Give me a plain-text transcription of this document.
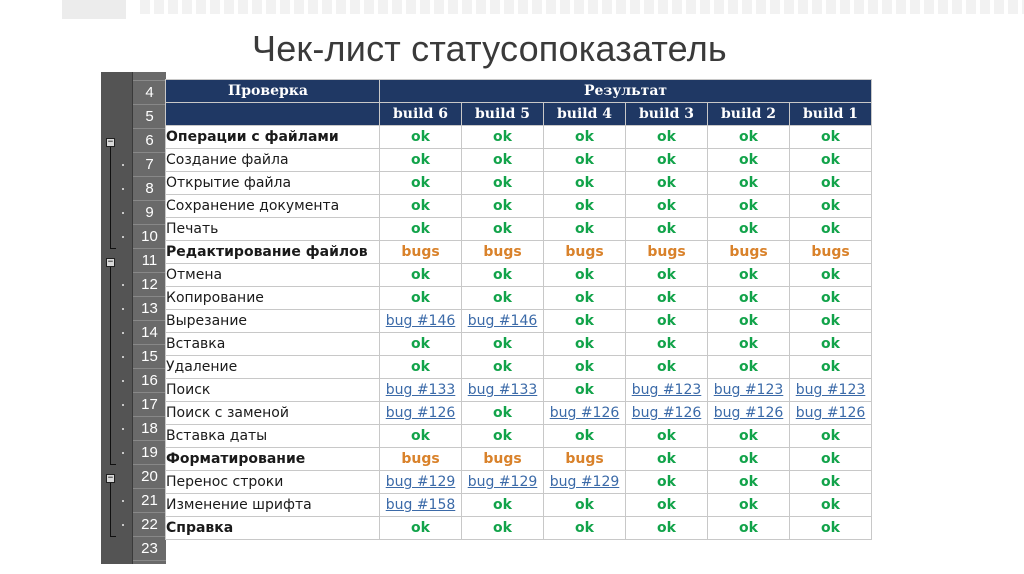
Чек-лист статусопоказатель
−
−
−
4
5
6
7
8
9
10
11
12
13
14
15
16
17
18
19
20
21
22
23
Проверка	Результат					
	build 6	build 5	build 4	build 3	build 2	build 1
Операции с файлами	ok	ok	ok	ok	ok	ok
Создание файла	ok	ok	ok	ok	ok	ok
Открытие файла	ok	ok	ok	ok	ok	ok
Сохранение документа	ok	ok	ok	ok	ok	ok
Печать	ok	ok	ok	ok	ok	ok
Редактирование файлов	bugs	bugs	bugs	bugs	bugs	bugs
Отмена	ok	ok	ok	ok	ok	ok
Копирование	ok	ok	ok	ok	ok	ok
Вырезание	bug #146	bug #146	ok	ok	ok	ok
Вставка	ok	ok	ok	ok	ok	ok
Удаление	ok	ok	ok	ok	ok	ok
Поиск	bug #133	bug #133	ok	bug #123	bug #123	bug #123
Поиск с заменой	bug #126	ok	bug #126	bug #126	bug #126	bug #126
Вставка даты	ok	ok	ok	ok	ok	ok
Форматирование	bugs	bugs	bugs	ok	ok	ok
Перенос строки	bug #129	bug #129	bug #129	ok	ok	ok
Изменение шрифта	bug #158	ok	ok	ok	ok	ok
Справка	ok	ok	ok	ok	ok	ok
